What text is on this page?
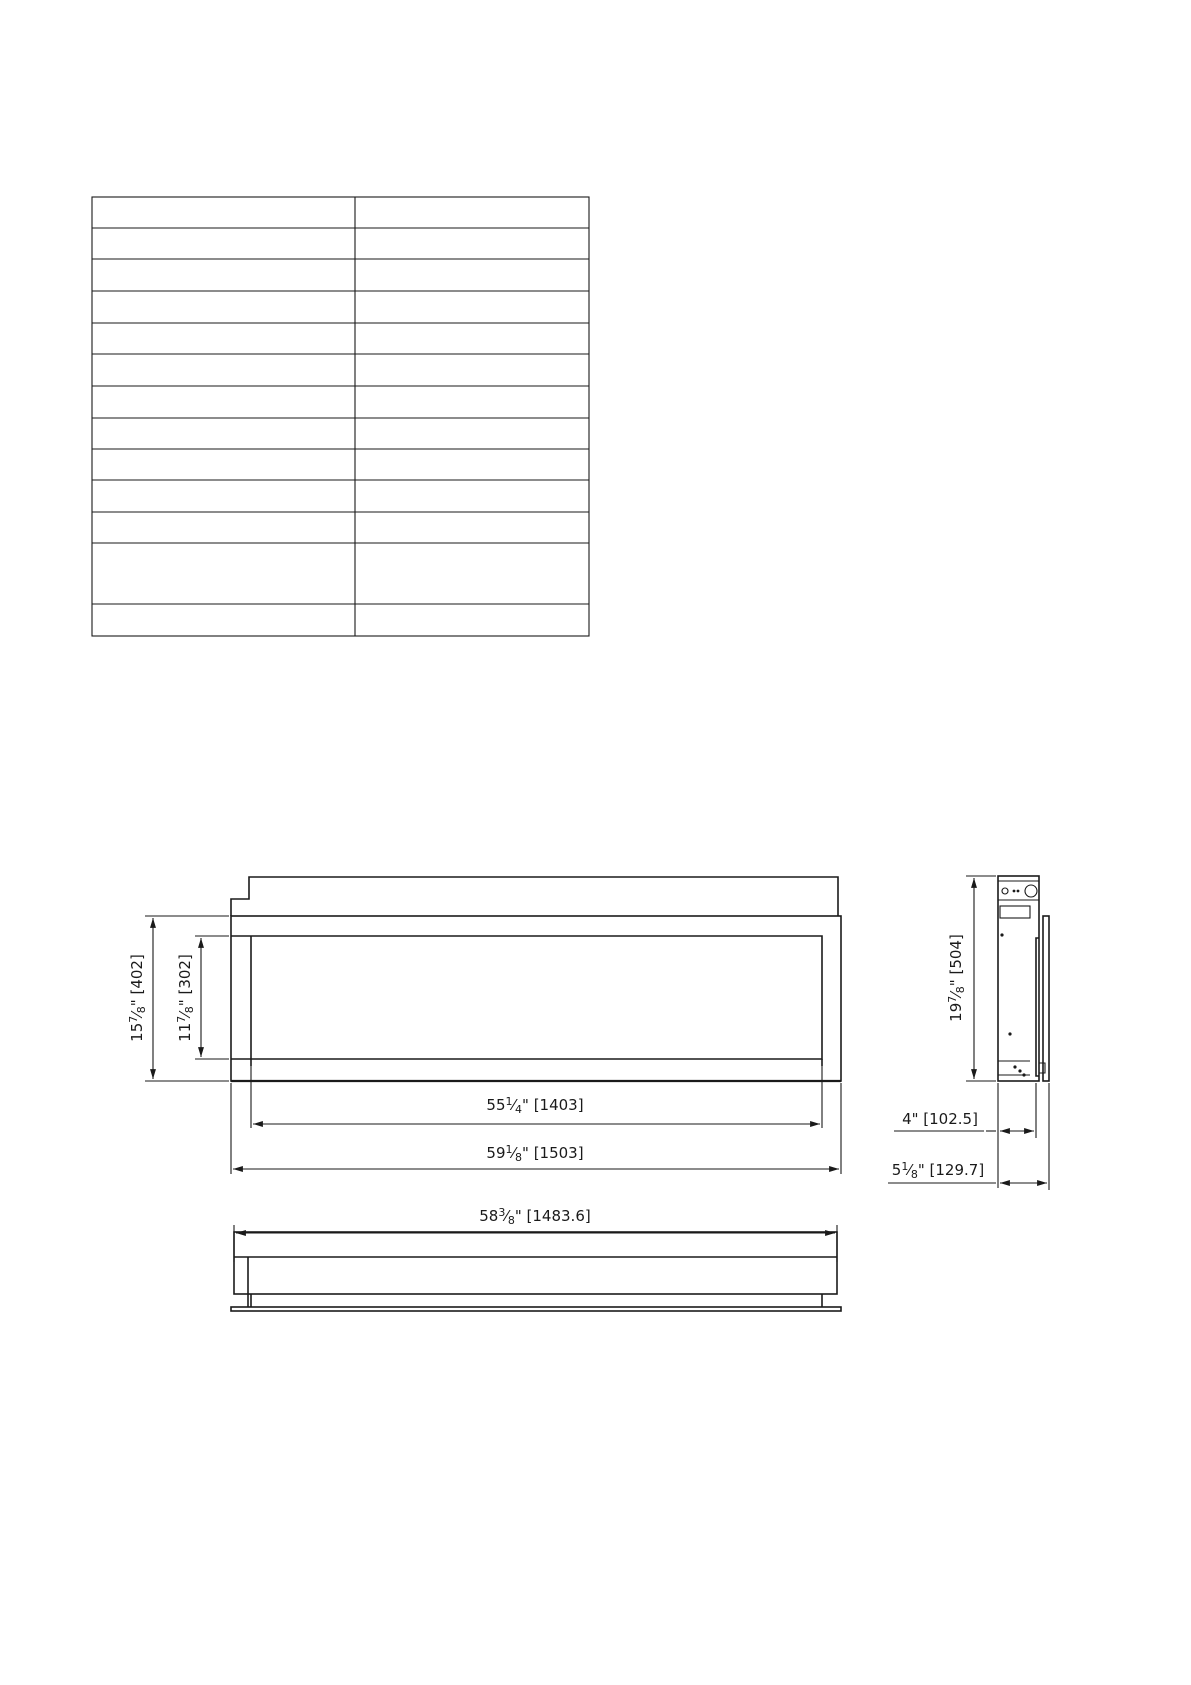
$15^7⁄_8$" [402]
$11^7⁄_8$" [302]
$55^1⁄_4$" [1403]
$59^1⁄_8$" [1503]
$19^7⁄_8$" [504]
4" [102.5]
$5^1⁄_8$" [129.7]
$58^3⁄_8$" [1483.6]
